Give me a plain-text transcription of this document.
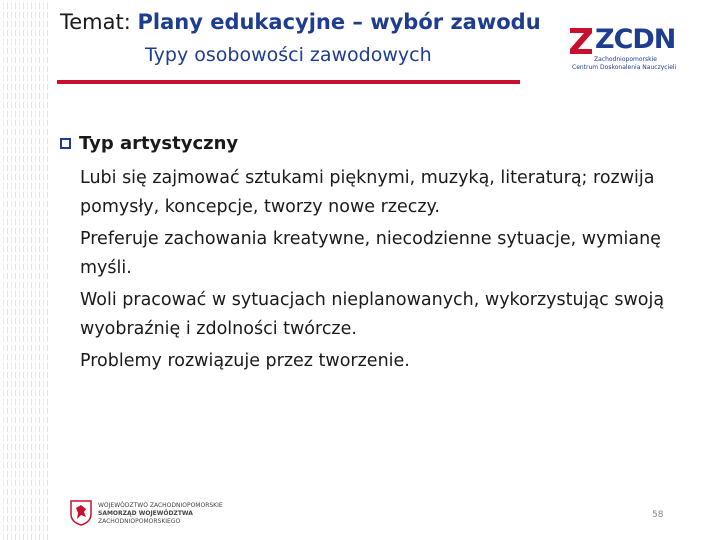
Temat: Plany edukacyjne – wybór zawodu
Typy osobowości zawodowych	ZCDN
Zachodniopomorskie
Centrum Doskonalenia Nauczycieli
Typ artystyczny

Lubi się zajmować sztukami pięknymi, muzyką, literaturą; rozwija pomysły, koncepcje, tworzy nowe rzeczy.

Preferuje zachowania kreatywne, niecodzienne sytuacje, wymianę myśli.

Woli pracować w sytuacjach nieplanowanych, wykorzystując swoją wyobraźnię i zdolności twórcze.

Problemy rozwiązuje przez tworzenie.

WOJEWÓDZTWO ZACHODNIOPOMORSKIE
SAMORZĄD WOJEWÓDZTWA
ZACHODNIOPOMORSKIEGO
58
